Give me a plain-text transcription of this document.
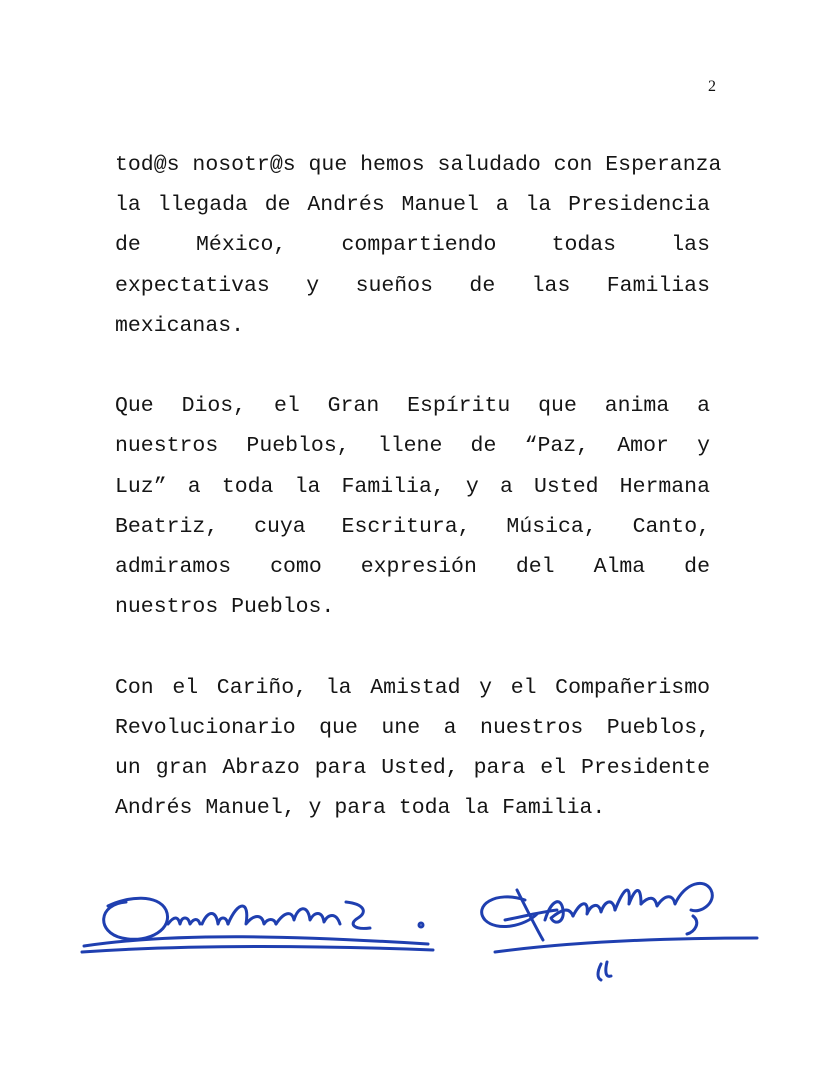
2
tod@s nosotr@s que hemos saludado con Esperanza
la llegada de Andrés Manuel a la Presidencia
de México, compartiendo todas las
expectativas y sueños de las Familias
mexicanas.
Que Dios, el Gran Espíritu que anima a
nuestros Pueblos, llene de “Paz, Amor y
Luz” a toda la Familia, y a Usted Hermana
Beatriz, cuya Escritura, Música, Canto,
admiramos como expresión del Alma de
nuestros Pueblos.
Con el Cariño, la Amistad y el Compañerismo
Revolucionario que une a nuestros Pueblos,
un gran Abrazo para Usted, para el Presidente
Andrés Manuel, y para toda la Familia.
